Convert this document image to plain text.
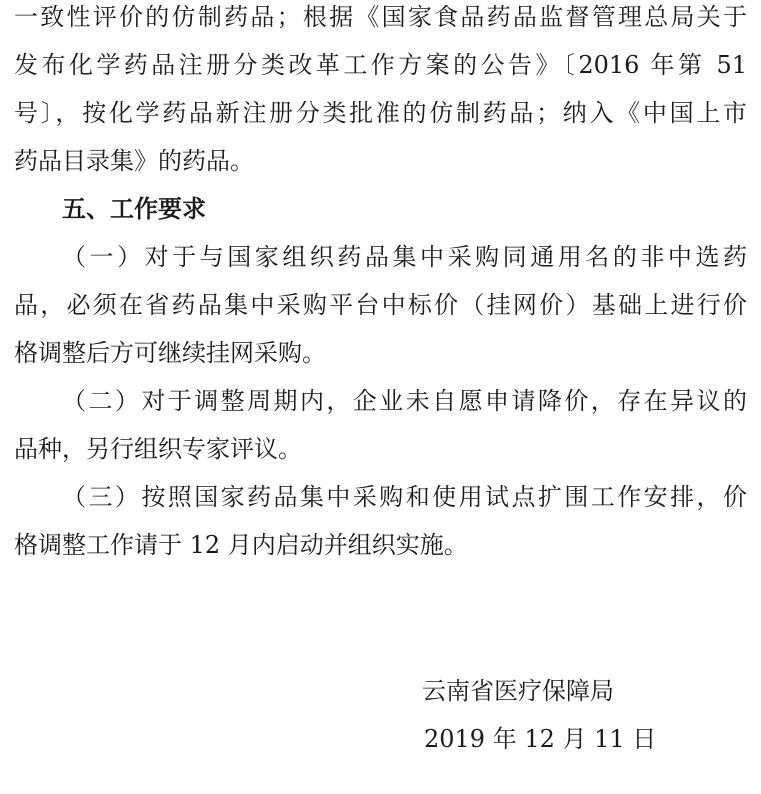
一致性评价的仿制药品；根据《国家食品药品监督管理总局关于
发布化学药品注册分类改革工作方案的公告》〔2016 年第 51
号〕，按化学药品新注册分类批准的仿制药品；纳入《中国上市
药品目录集》的药品。
五、工作要求
（一）对于与国家组织药品集中采购同通用名的非中选药
品，必须在省药品集中采购平台中标价（挂网价）基础上进行价
格调整后方可继续挂网采购。
（二）对于调整周期内，企业未自愿申请降价，存在异议的
品种，另行组织专家评议。
（三）按照国家药品集中采购和使用试点扩围工作安排，价
格调整工作请于 12 月内启动并组织实施。
云南省医疗保障局
2019 年 12 月 11 日
